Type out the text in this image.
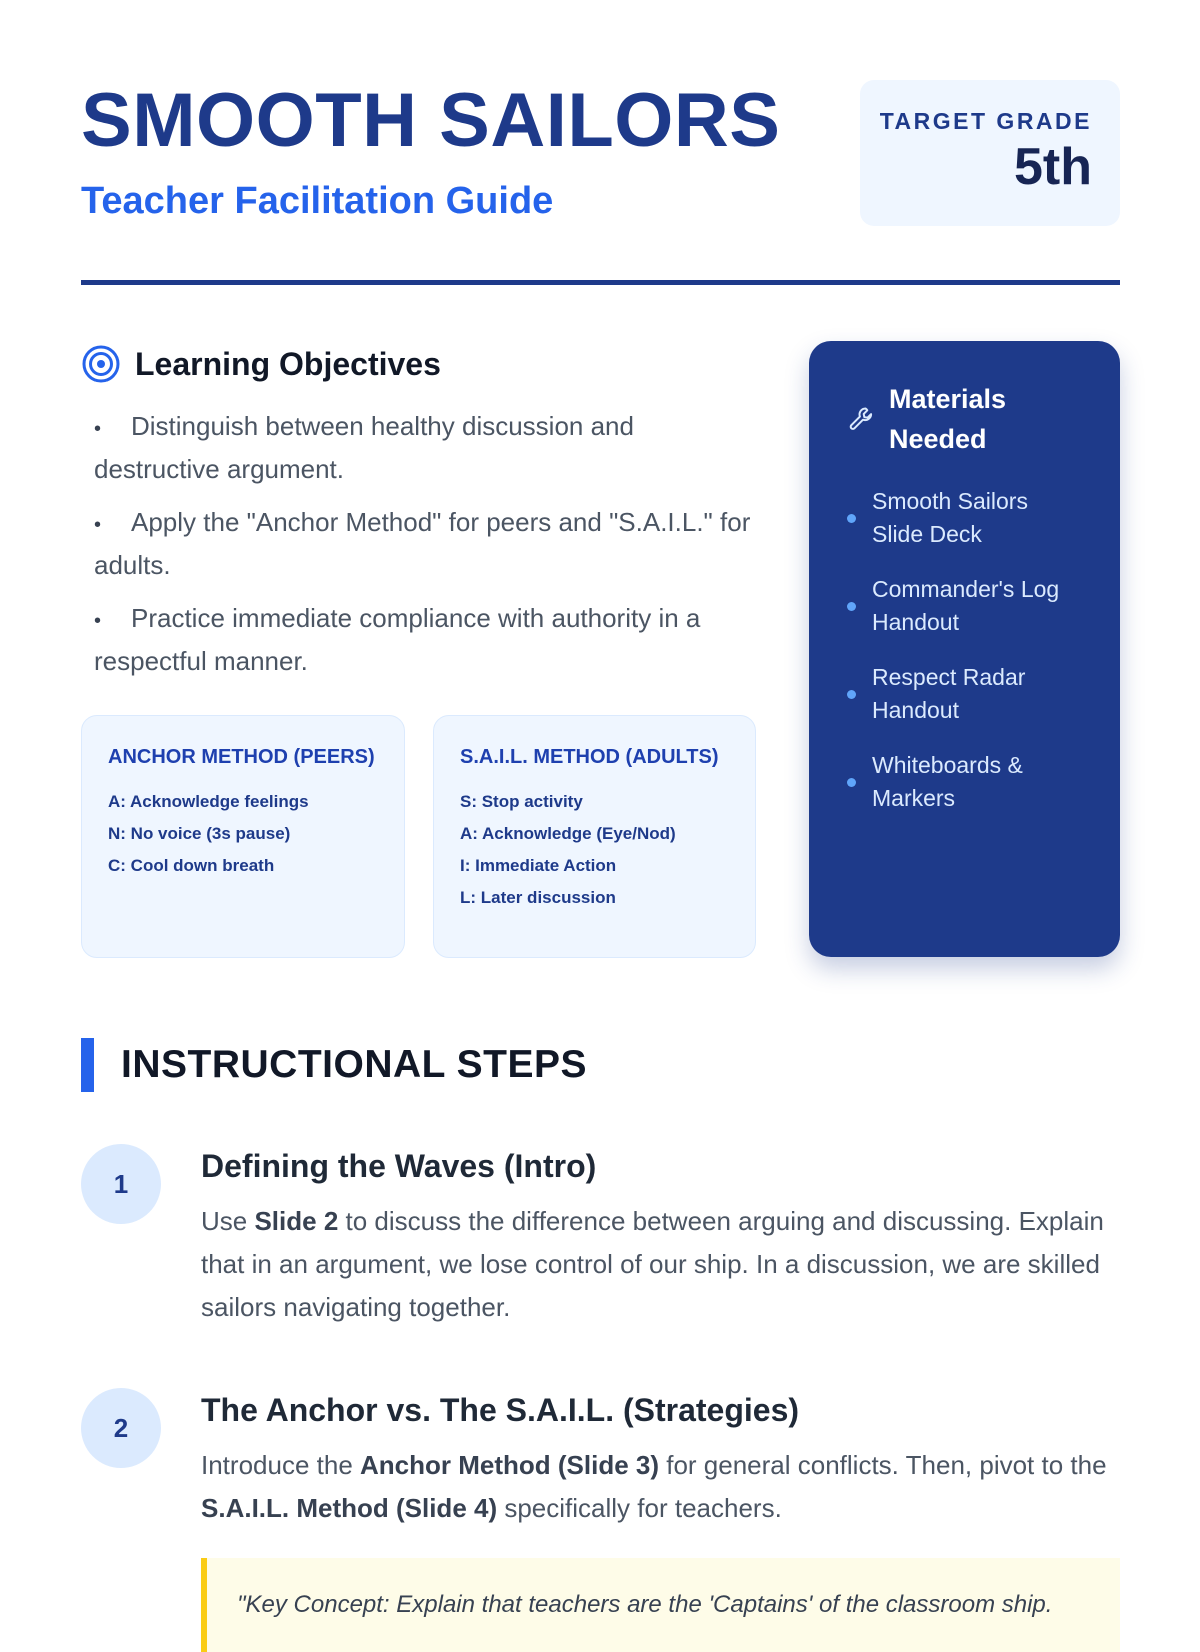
SMOOTH SAILORS
Teacher Facilitation Guide
TARGET GRADE
5th
Learning Objectives
• Distinguish between healthy discussion and destructive argument.
• Apply the "Anchor Method" for peers and "S.A.I.L." for adults.
• Practice immediate compliance with authority in a respectful manner.
ANCHOR METHOD (PEERS)
A: Acknowledge feelings
N: No voice (3s pause)
C: Cool down breath
S.A.I.L. METHOD (ADULTS)
S: Stop activity
A: Acknowledge (Eye/Nod)
I: Immediate Action
L: Later discussion
Materials Needed
Smooth Sailors Slide Deck
Commander's Log Handout
Respect Radar Handout
Whiteboards & Markers
INSTRUCTIONAL STEPS
1	Defining the Waves (Intro)
Use Slide 2 to discuss the difference between arguing and discussing. Explain that in an argument, we lose control of our ship. In a discussion, we are skilled sailors navigating together.
2	The Anchor vs. The S.A.I.L. (Strategies)
Introduce the Anchor Method (Slide 3) for general conflicts. Then, pivot to the S.A.I.L. Method (Slide 4) specifically for teachers.
"Key Concept: Explain that teachers are the 'Captains' of the classroom ship.
